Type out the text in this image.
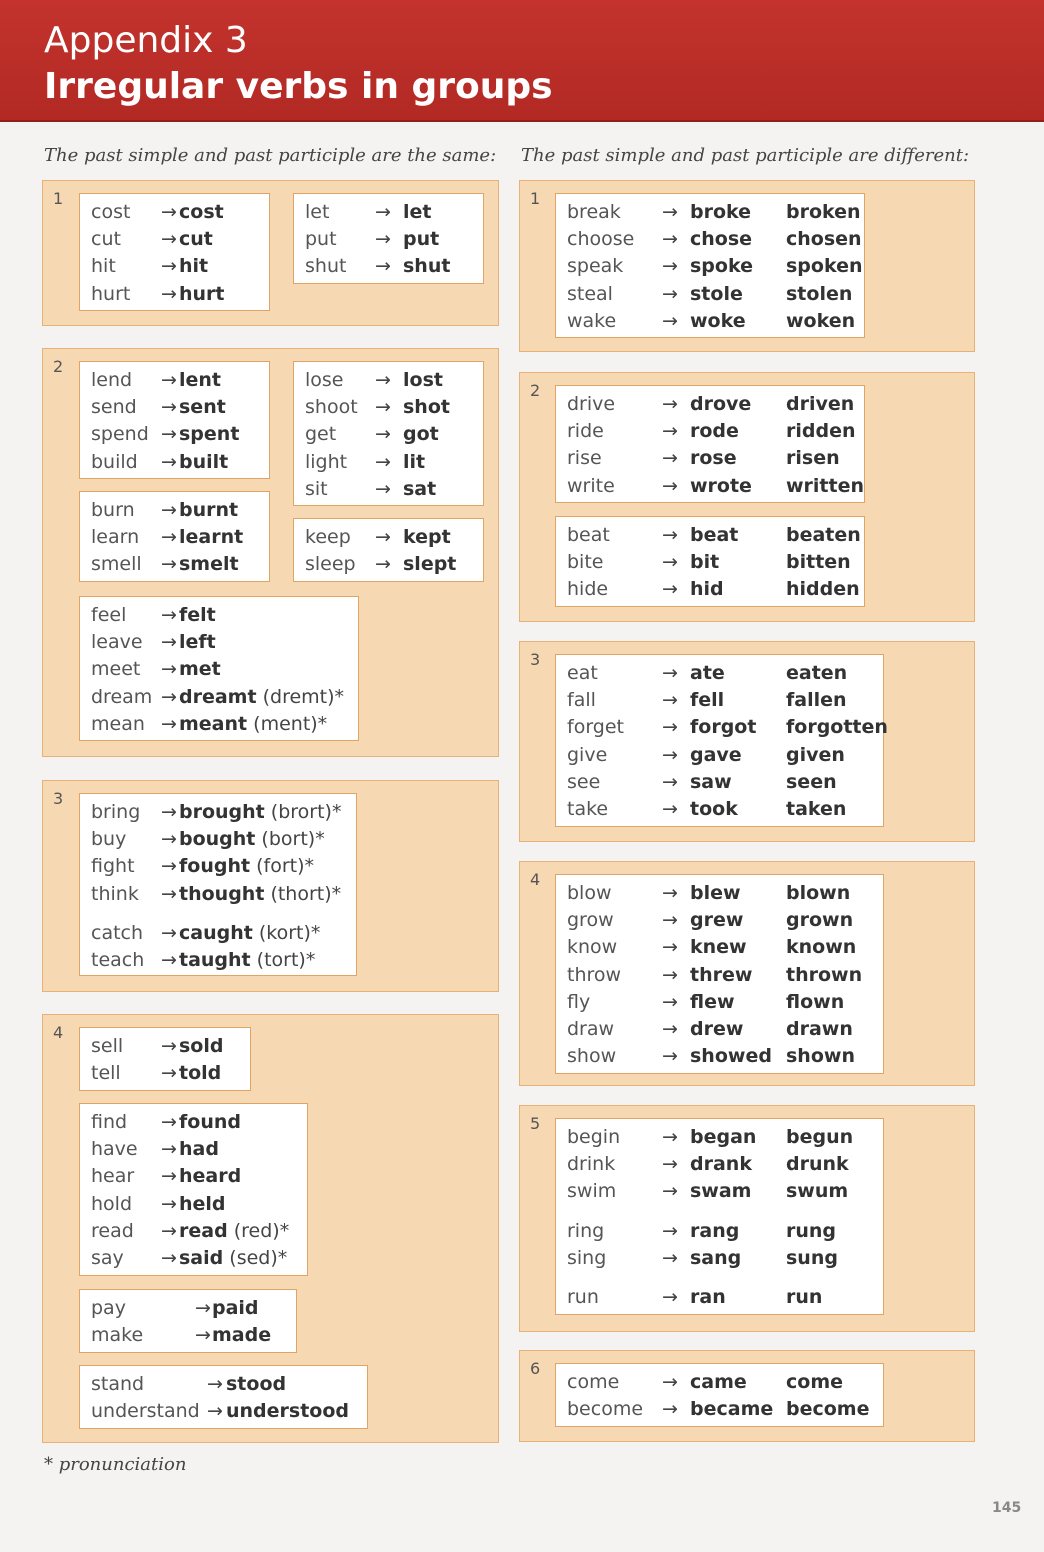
Appendix 3
Irregular verbs in groups
The past simple and past participle are the same: The past simple and past participle are different:
1
cost → cost
cut → cut
hit → hit
hurt → hurt
let → let
put → put
shut → shut
2
lend → lent
send → sent
spend → spent
build → built
lose → lost
shoot → shot
get → got
light → lit
sit → sat
burn → burnt
learn → learnt
smell → smelt
keep → kept
sleep → slept
feel → felt
leave → left
meet → met
dream → dreamt (dremt)*
mean → meant (ment)*
3
bring → brought (brort)*
buy → bought (bort)*
fight → fought (fort)*
think → thought (thort)*
catch → caught (kort)*
teach → taught (tort)*
4
sell → sold
tell → told
find → found
have → had
hear → heard
hold → held
read → read (red)*
say → said (sed)*
pay	→ paid
make	→ made
stand	→ stood
understand → understood
1
break → broke broken
choose → chose chosen
speak → spoke spoken
steal	→ stole stolen
wake → woke woken
2
drive → drove driven
ride	→ rode ridden
rise	→ rose	risen
write → wrote written
beat	→ beat	beaten
bite	→ bit	bitten
hide	→ hid	hidden
3
eat	→ ate	eaten
fall	→ fell	fallen
forget → forgot forgotten
give	→ gave given
see	→ saw	seen
take	→ took	taken
4
blow	→ blew blown
grow	→ grew grown
know → knew known
throw → threw thrown
fly	→ flew	flown
draw	→ drew drawn
show → showed shown
5
begin → began begun
drink → drank drunk
swim → swam swum
ring	→ rang rung
sing	→ sang sung
run	→ ran	run
6
come → came come
become → became become
* pronunciation
145
